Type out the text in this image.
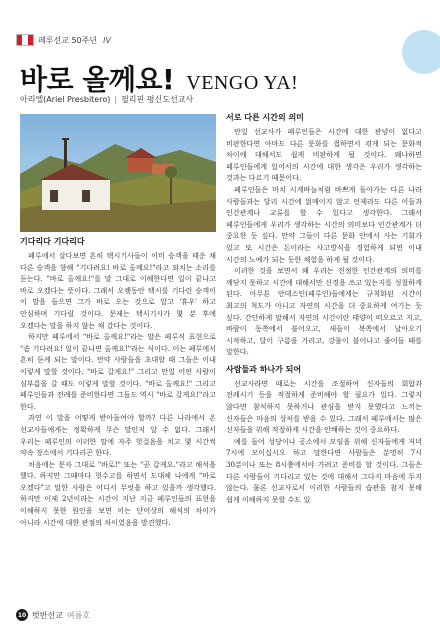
페루선교 50주년 IV
바로 올께요! VENGO YA!
아리엘(Ariel Presbitero) | 필리핀 평신도선교사
기다리다 기다리다

페루에서 살다보면 흔히 택시기사들이 이미 승객을 태운 채 다른 승객을 향해 "기다려요! 바로 올께요!"라고 외치는 소리를 듣는다. "바로 올께요!"를 말 그대로 이해한다면 일이 끝나고 바로 오겠다는 뜻이다. 그래서 오랫동안 택시를 기다린 승객이 이 말을 들으면 그가 바로 오는 것으로 알고 '휴우' 하고 안심하며 기다릴 것이다. 문제는 택시기사가 몇 분 후에 오겠다는 말을 하지 않는 채 갔다는 것이다.

하지만 페루에서 "바로 올께요!"라는 말은 페루식 표현으로 "좀 기다려요! 일이 끝나면 올께요!"라는 식이다. 이는 페루에서 흔히 듣게 되는 말이다. 만약 사람들을 초대할 때 그들은 이내 이렇게 말할 것이다. "바로 갈게요!" 그리고 만일 어떤 사람이 심부름을 갈 때도 이렇게 말할 것이다. "바로 올께요!" 그리고 페루인들과 전례를 준비한다면 그들도 역시 "바로 갈게요!"라고 한다.

과연 이 말을 어떻게 받아들여야 할까? 다른 나라에서 온 선교사들에게는 정확하게 무슨 말인지 알 수 없다. 그래서 우리는 페루인의 이러한 말에 자주 헛걸음을 치고 몇 시간씩 약속 장소에서 기다리곤 한다.

처음에는 문자 그대로 "바로!" 또는 "곧 갈게요."라고 해석을 했다. 하지만 그때마다 헛수고를 하면서 도대체 나에게 "바로 오겠다"고 말한 사람은 어디서 무엇을 하고 있을까 생각했다. 하지만 이제 2년이라는 시간이 지난 지금 페루인들의 표현을 이해하지 못한 원인을 보면 이는 단어상의 해석의 차이가 아니라 시간에 대한 관점의 차이였음을 발견했다.

서로 다른 시간의 의미

만일 선교사가 페루인들은 시간에 대한 관념이 없다고 비판한다면 아마도 다른 문화를 접하면서 겪게 되는 문화적 차이에 대해서도 쉽게 비판하게 될 것이다. 왜냐하면 페루인들에게 있어서의 시간에 대한 생각은 우리가 생각하는 것과는 다르기 때문이다.

페루인들은 마치 시계바늘처럼 바쁘게 돌아가는 다른 나라 사람들과는 달리 시간에 얽매이지 않고 언제라도 다른 이들과 인간관계나 교류를 할 수 있다고 생각한다. 그래서 페루인들에게 우리가 생각하는 시간의 의미보다 인간관계가 더 중요한 듯 싶다. 만약 그들이 다른 문화 안에서 사는 기회가 있고 또 시간은 돈이라는 사고방식을 경험하게 되면 이내 시간의 노예가 되는 듯한 체험을 하게 될 것이다.

이러한 것을 보면서 왜 우리는 진정한 인간관계의 의미를 깨닫지 못하고 시간에 대해서만 신경을 쓰고 있는지를 성찰하게 된다. 아무튼 안데스인(페루인)들에게는 규칙화된 시간이 최고의 척도가 아니고 자연의 시간을 더 중요하게 여기는 듯 싶다. 간단하게 말해서 자연의 시간이란 태양이 떠오르고 지고, 바람이 동쪽에서 불어오고, 새들이 북쪽에서 날아오기 시작하고, 달이 구름을 가리고, 강물이 불어나고 줄어들 때를 말한다.

사람들과 하나가 되어

선교사라면 때로는 시간을 조절하여 신자들의 회합과 전례시기 등을 적절하게 준비해야 할 필요가 있다. 그렇지 않다면 참석하지 못하거나 관심을 받지 못했다고 느끼는 신자들은 마음의 상처를 받을 수 있다. 그래서 페루에서는 많은 신자들을 위해 적절하게 시간을 안배하는 것이 중요하다.

예를 들어 성당이나 공소에서 모임을 위해 신자들에게 저녁 7시에 모이십시오 하고 말한다면 사람들은 분명히 7시 30분이나 또는 8시쯤에서야 가려고 준비를 할 것이다. 그들은 다른 사람들이 기다리고 있는 것에 대해서 그다지 마음에 두지 않는다. 물론 선교사로서 이러한 사람들의 습관을 참지 못해 쉽게 이해하지 못할 수도 있

10 벗반선교 여름호
